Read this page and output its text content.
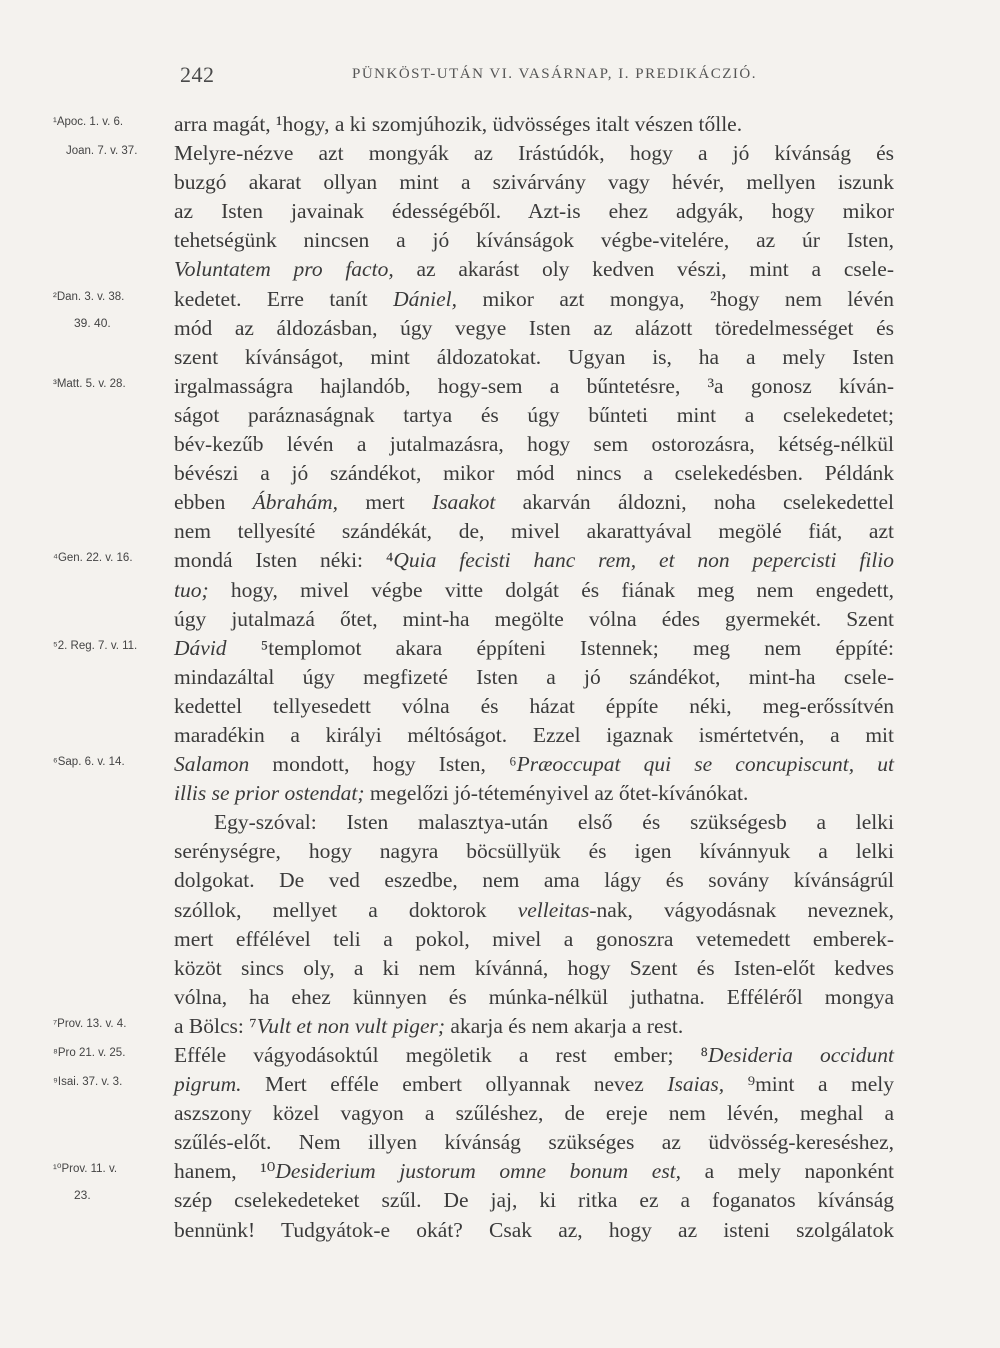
242	PÜNKÖST-UTÁN VI. VASÁRNAP, I. PREDIKÁCZIÓ.
¹Apoc. 1. v. 6.	arra magát, ¹hogy, a ki szomjúhozik, üdvösséges italt vészen tőlle.
Joan. 7. v. 37.	Melyre-nézve azt mongyák az Irástúdók, hogy a jó kívánság és
buzgó akarat ollyan mint a szivárvány vagy hévér, mellyen iszunk
az Isten javainak édességéből. Azt-is ehez adgyák, hogy mikor
tehetségünk nincsen a jó kívánságok végbe-vitelére, az úr Isten,
Voluntatem pro facto, az akarást oly kedven vészi, mint a csele-
²Dan. 3. v. 38.	kedetet. Erre tanít Dániel, mikor azt mongya, ²hogy nem lévén
39. 40.	mód az áldozásban, úgy vegye Isten az alázott töredelmességet és
szent kívánságot, mint áldozatokat. Ugyan is, ha a mely Isten
³Matt. 5. v. 28.	irgalmasságra hajlandób, hogy-sem a bűntetésre, ³a gonosz kíván-
ságot paráznaságnak tartya és úgy bűnteti mint a cselekedetet;
bév-kezűb lévén a jutalmazásra, hogy sem ostorozásra, kétség-nélkül
bévészi a jó szándékot, mikor mód nincs a cselekedésben. Példánk
ebben Ábrahám, mert Isaakot akarván áldozni, noha cselekedettel
nem tellyesíté szándékát, de, mivel akarattyával megölé fiát, azt
⁴Gen. 22. v. 16.	mondá Isten néki: ⁴Quia fecisti hanc rem, et non pepercisti filio
tuo; hogy, mivel végbe vitte dolgát és fiának meg nem engedett,
úgy jutalmazá őtet, mint-ha megölte vólna édes gyermekét. Szent
⁵2. Reg. 7. v. 11.	Dávid ⁵templomot akara éppíteni Istennek; meg nem éppíté:
mindazáltal úgy megfizeté Isten a jó szándékot, mint-ha csele-
kedettel tellyesedett vólna és házat éppíte néki, meg-erőssítvén
maradékin a királyi méltóságot. Ezzel igaznak ismértetvén, a mit
⁶Sap. 6. v. 14.	Salamon mondott, hogy Isten, ⁶Præoccupat qui se concupiscunt, ut
illis se prior ostendat; megelőzi jó-téteményivel az őtet-kívánókat.
Egy-szóval: Isten malasztya-után első és szükségesb a lelki
serénységre, hogy nagyra böcsüllyük és igen kívánnyuk a lelki
dolgokat. De ved eszedbe, nem ama lágy és sovány kívánságrúl
szóllok, mellyet a doktorok velleitas-nak, vágyodásnak neveznek,
mert effélével teli a pokol, mivel a gonoszra vetemedett emberek-
közöt sincs oly, a ki nem kívánná, hogy Szent és Isten-előt kedves
vólna, ha ehez künnyen és múnka-nélkül juthatna. Efféléről mongya
⁷Prov. 13. v. 4.	a Bölcs: ⁷Vult et non vult piger; akarja és nem akarja a rest.
⁸Pro 21. v. 25.	Efféle vágyodásoktúl megöletik a rest ember; ⁸Desideria occidunt
⁹Isai. 37. v. 3.	pigrum. Mert efféle embert ollyannak nevez Isaias, ⁹mint a mely
aszszony közel vagyon a szűléshez, de ereje nem lévén, meghal a
szűlés-előt. Nem illyen kívánság szükséges az üdvösség-kereséshez,
¹⁰Prov. 11. v.	hanem, ¹⁰Desiderium justorum omne bonum est, a mely naponként
23.	szép cselekedeteket szűl. De jaj, ki ritka ez a foganatos kívánság
bennünk! Tudgyátok-e okát? Csak az, hogy az isteni szolgálatok
